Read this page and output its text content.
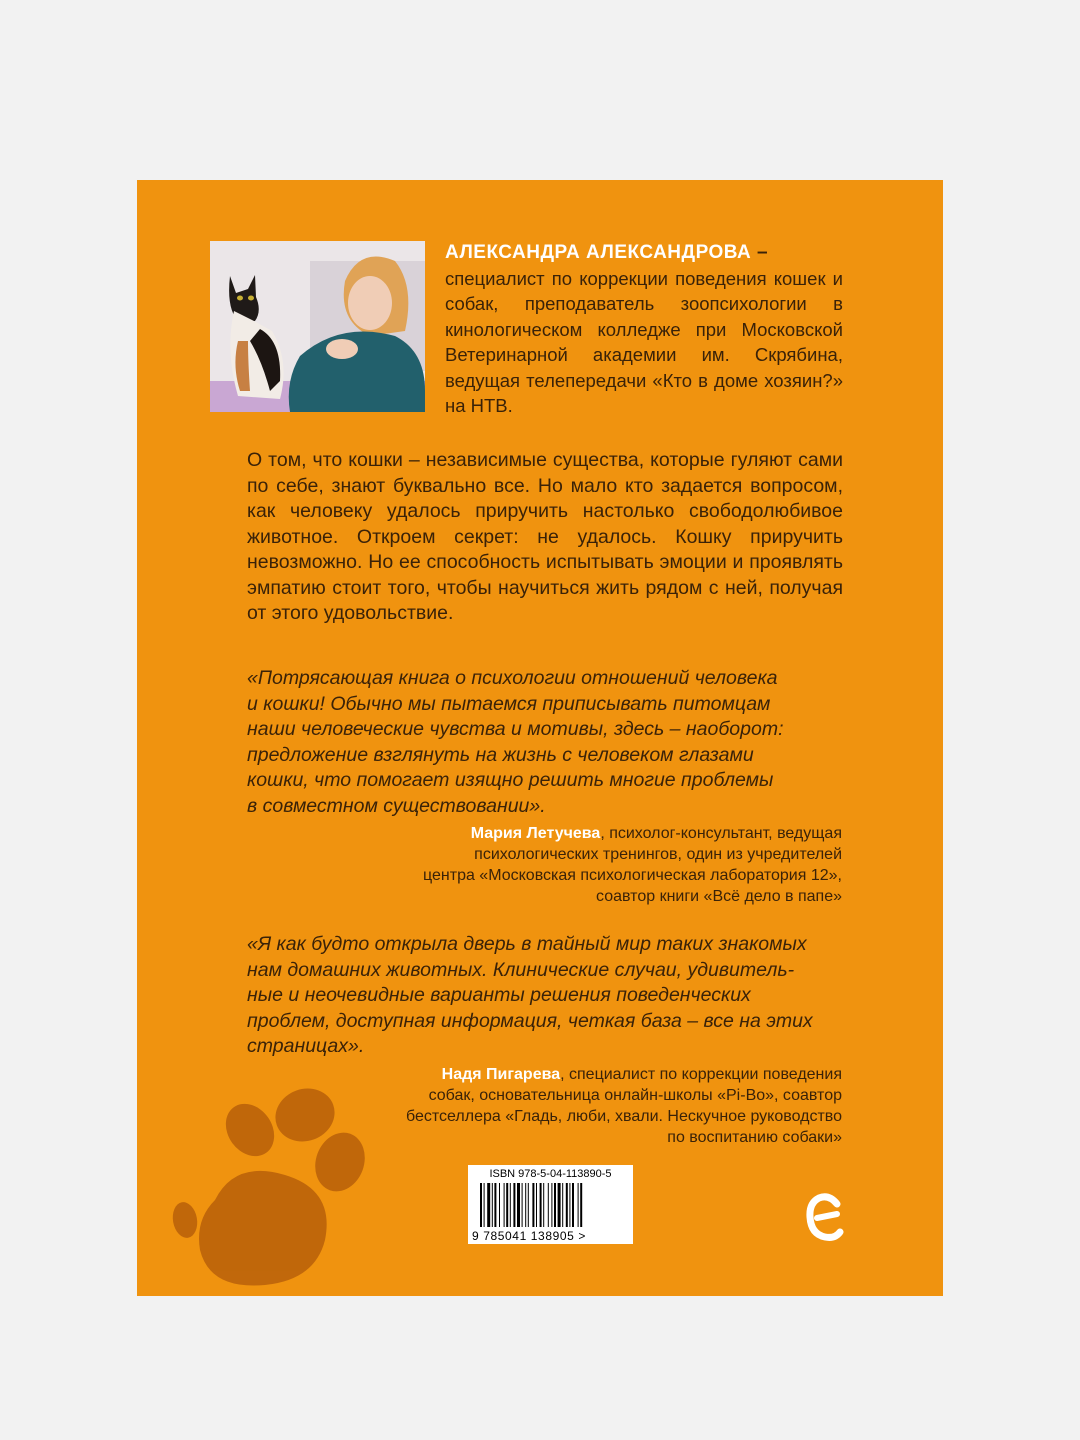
АЛЕКСАНДРА АЛЕКСАНДРОВА –
специалист по коррекции поведения кошек и собак, преподаватель зоопсихологии в кинологическом колледже при Московской Ветеринарной академии им. Скрябина, ведущая телепередачи «Кто в доме хозяин?» на НТВ.
О том, что кошки – независимые существа, которые гуляют сами по себе, знают буквально все. Но мало кто задается вопросом, как человеку удалось приручить настолько свободолюбивое животное. Откроем секрет: не удалось. Кошку приручить невозможно. Но ее способность испытывать эмоции и проявлять эмпатию стоит того, чтобы научиться жить рядом с ней, получая от этого удовольствие.
«Потрясающая книга о психологии отношений человека
и кошки! Обычно мы пытаемся приписывать питомцам
наши человеческие чувства и мотивы, здесь – наоборот:
предложение взглянуть на жизнь с человеком глазами
кошки, что помогает изящно решить многие проблемы
в совместном существовании».
Мария Летучева, психолог-консультант, ведущая
психологических тренингов, один из учредителей
центра «Московская психологическая лаборатория 12»,
соавтор книги «Всё дело в папе»
«Я как будто открыла дверь в тайный мир таких знакомых
нам домашних животных. Клинические случаи, удивитель-
ные и неочевидные варианты решения поведенческих
проблем, доступная информация, четкая база – все на этих
страницах».
Надя Пигарева, специалист по коррекции поведения
собак, основательница онлайн-школы «Pi-Bo», соавтор
бестселлера «Гладь, люби, хвали. Нескучное руководство
по воспитанию собаки»
ISBN 978-5-04-113890-5
9 785041 138905 >
